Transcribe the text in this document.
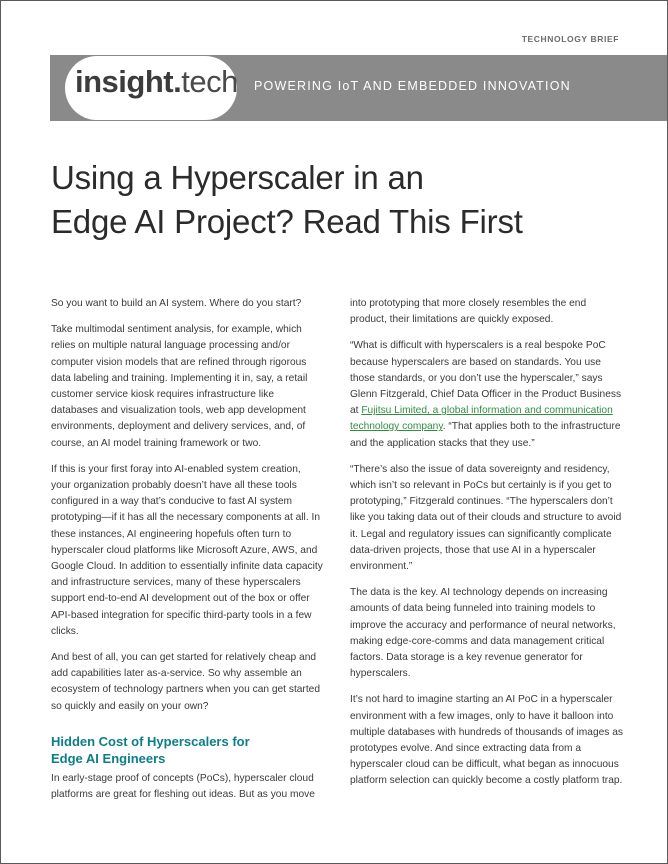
TECHNOLOGY BRIEF
insight.tech POWERING IoT AND EMBEDDED INNOVATION
Using a Hyperscaler in an
Edge AI Project? Read This First

So you want to build an AI system. Where do you start?

Take multimodal sentiment analysis, for example, which relies on multiple natural language processing and/or computer vision models that are refined through rigorous data labeling and training. Implementing it in, say, a retail customer service kiosk requires infrastructure like databases and visualization tools, web app development environments, deployment and delivery services, and, of course, an AI model training framework or two.

If this is your first foray into AI-enabled system creation, your organization probably doesn’t have all these tools configured in a way that’s conducive to fast AI system prototyping—if it has all the necessary components at all. In these instances, AI engineering hopefuls often turn to hyperscaler cloud platforms like Microsoft Azure, AWS, and Google Cloud. In addition to essentially infinite data capacity and infrastructure services, many of these hyperscalers support end-to-end AI development out of the box or offer API-based integration for specific third-party tools in a few clicks.

And best of all, you can get started for relatively cheap and add capabilities later as-a-service. So why assemble an ecosystem of technology partners when you can get started so quickly and easily on your own?

Hidden Cost of Hyperscalers for
Edge AI Engineers

In early-stage proof of concepts (PoCs), hyperscaler cloud platforms are great for fleshing out ideas. But as you move

into prototyping that more closely resembles the end product, their limitations are quickly exposed.

“What is difficult with hyperscalers is a real bespoke PoC because hyperscalers are based on standards. You use those standards, or you don’t use the hyperscaler,” says Glenn Fitzgerald, Chief Data Officer in the Product Business at Fujitsu Limited, a global information and communication technology company. “That applies both to the infrastructure and the application stacks that they use.”

“There’s also the issue of data sovereignty and residency, which isn’t so relevant in PoCs but certainly is if you get to prototyping,” Fitzgerald continues. “The hyperscalers don’t like you taking data out of their clouds and structure to avoid it. Legal and regulatory issues can significantly complicate data-driven projects, those that use AI in a hyperscaler environment.”

The data is the key. AI technology depends on increasing amounts of data being funneled into training models to improve the accuracy and performance of neural networks, making edge-core-comms and data management critical factors. Data storage is a key revenue generator for hyperscalers.

It’s not hard to imagine starting an AI PoC in a hyperscaler environment with a few images, only to have it balloon into multiple databases with hundreds of thousands of images as prototypes evolve. And since extracting data from a hyperscaler cloud can be difficult, what began as innocuous platform selection can quickly become a costly platform trap.
